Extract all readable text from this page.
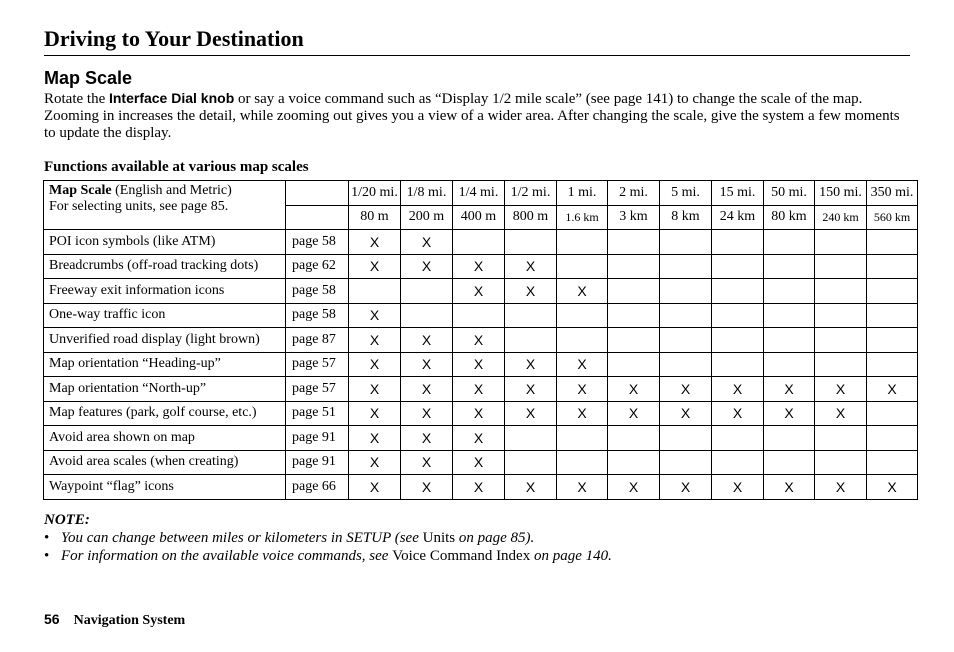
Driving to Your Destination
Map Scale
Rotate the Interface Dial knob or say a voice command such as “Display 1/2 mile scale” (see page 141) to change the scale of the map. Zooming in increases the detail, while zooming out gives you a view of a wider area. After changing the scale, give the system a few moments to update the display.
Functions available at various map scales
Map Scale (English and Metric)
For selecting units, see page 85.		1/20 mi.	1/8 mi.	1/4 mi.	1/2 mi.	1 mi.	2 mi.	5 mi.	15 mi.	50 mi.	150 mi.	350 mi.
		80 m	200 m	400 m	800 m	1.6 km	3 km	8 km	24 km	80 km	240 km	560 km
POI icon symbols (like ATM)	page 58	X	X									
Breadcrumbs (off-road tracking dots)	page 62	X	X	X	X							
Freeway exit information icons	page 58			X	X	X						
One-way traffic icon	page 58	X										
Unverified road display (light brown)	page 87	X	X	X								
Map orientation “Heading-up”	page 57	X	X	X	X	X						
Map orientation “North-up”	page 57	X	X	X	X	X	X	X	X	X	X	X
Map features (park, golf course, etc.)	page 51	X	X	X	X	X	X	X	X	X	X	
Avoid area shown on map	page 91	X	X	X								
Avoid area scales (when creating)	page 91	X	X	X								
Waypoint “flag” icons	page 66	X	X	X	X	X	X	X	X	X	X	X
NOTE:
• You can change between miles or kilometers in SETUP (see Units on page 85).
• For information on the available voice commands, see Voice Command Index on page 140.
56 Navigation System
